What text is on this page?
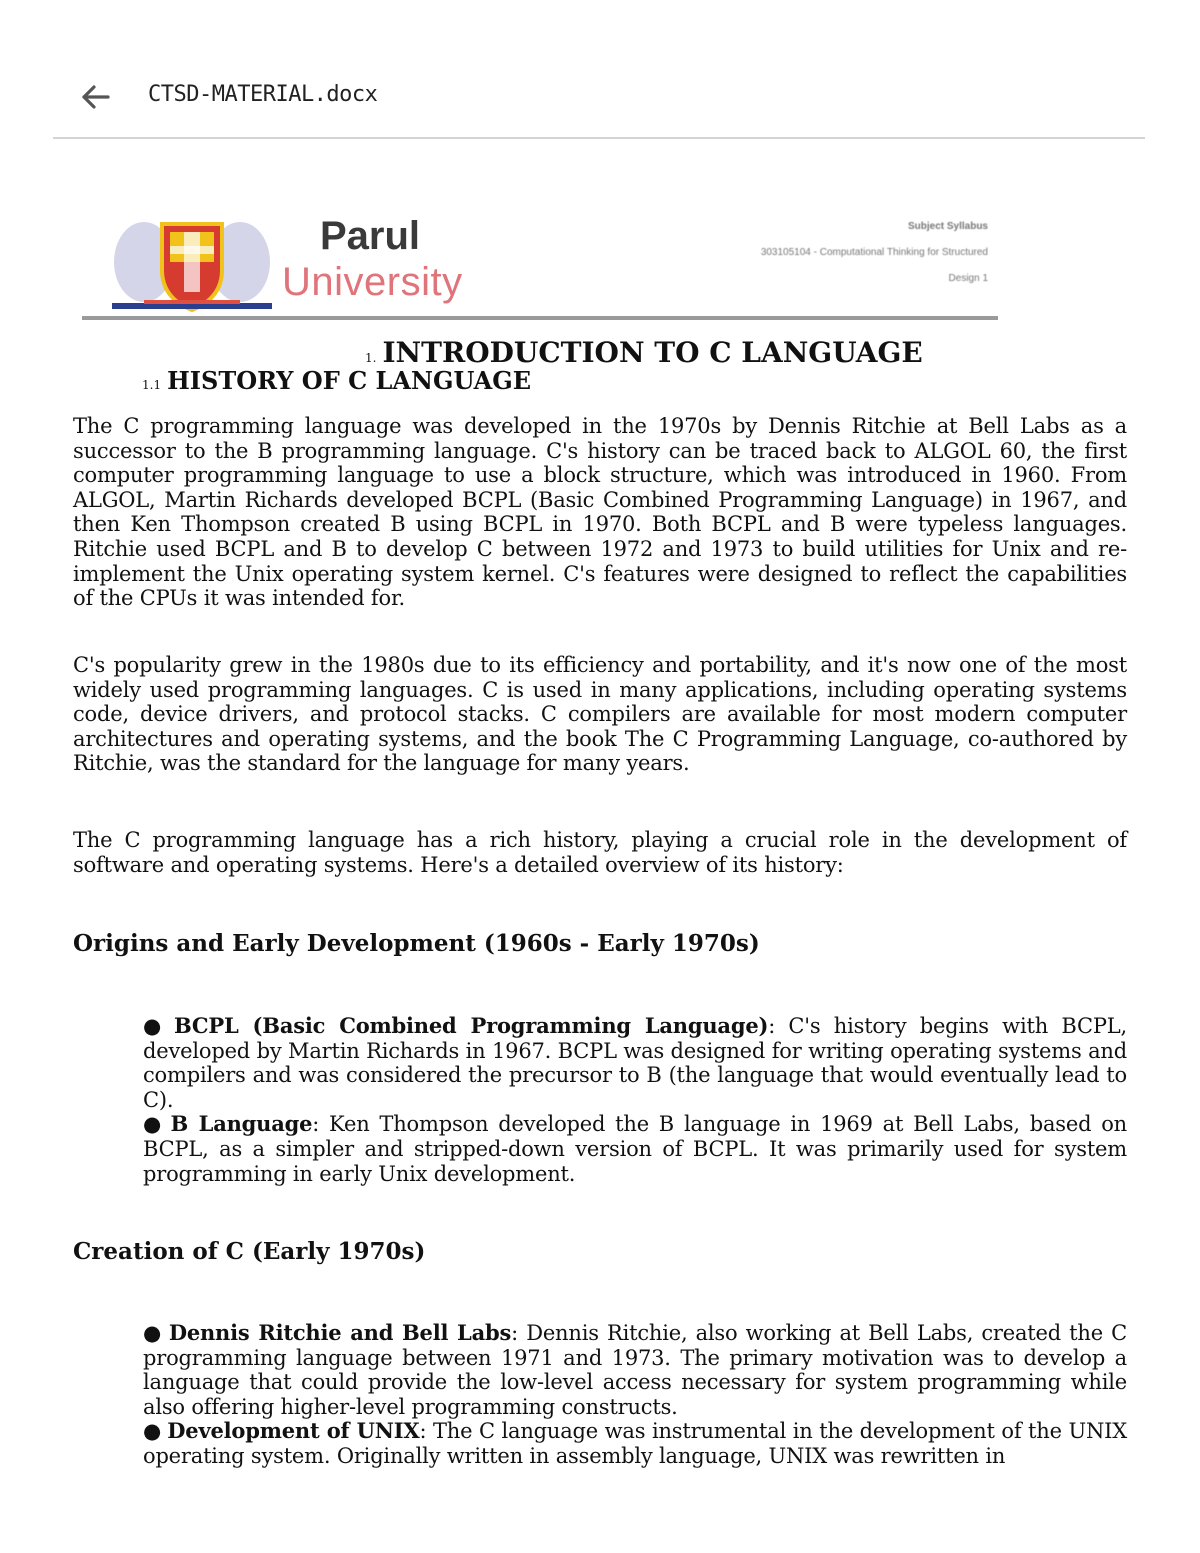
CTSD-MATERIAL.docx
Parul
University
Subject Syllabus
303105104 - Computational Thinking for Structured
Design 1
1. INTRODUCTION TO C LANGUAGE
1.1 HISTORY OF C LANGUAGE

The C programming language was developed in the 1970s by Dennis Ritchie at Bell Labs as a successor to the B programming language. C's history can be traced back to ALGOL 60, the first computer programming language to use a block structure, which was introduced in 1960. From ALGOL, Martin Richards developed BCPL (Basic Combined Programming Language) in 1967, and then Ken Thompson created B using BCPL in 1970. Both BCPL and B were typeless languages. Ritchie used BCPL and B to develop C between 1972 and 1973 to build utilities for Unix and re-implement the Unix operating system kernel. C's features were designed to reflect the capabilities of the CPUs it was intended for.

C's popularity grew in the 1980s due to its efficiency and portability, and it's now one of the most widely used programming languages. C is used in many applications, including operating systems code, device drivers, and protocol stacks. C compilers are available for most modern computer architectures and operating systems, and the book The C Programming Language, co-authored by Ritchie, was the standard for the language for many years.

The C programming language has a rich history, playing a crucial role in the development of software and operating systems. Here's a detailed overview of its history:

Origins and Early Development (1960s - Early 1970s)
● BCPL (Basic Combined Programming Language): C's history begins with BCPL, developed by Martin Richards in 1967. BCPL was designed for writing operating systems and compilers and was considered the precursor to B (the language that would eventually lead to C).
● B Language: Ken Thompson developed the B language in 1969 at Bell Labs, based on BCPL, as a simpler and stripped-down version of BCPL. It was primarily used for system programming in early Unix development.
Creation of C (Early 1970s)
● Dennis Ritchie and Bell Labs: Dennis Ritchie, also working at Bell Labs, created the C programming language between 1971 and 1973. The primary motivation was to develop a language that could provide the low-level access necessary for system programming while also offering higher-level programming constructs.
● Development of UNIX: The C language was instrumental in the development of the UNIX operating system. Originally written in assembly language, UNIX was rewritten in
